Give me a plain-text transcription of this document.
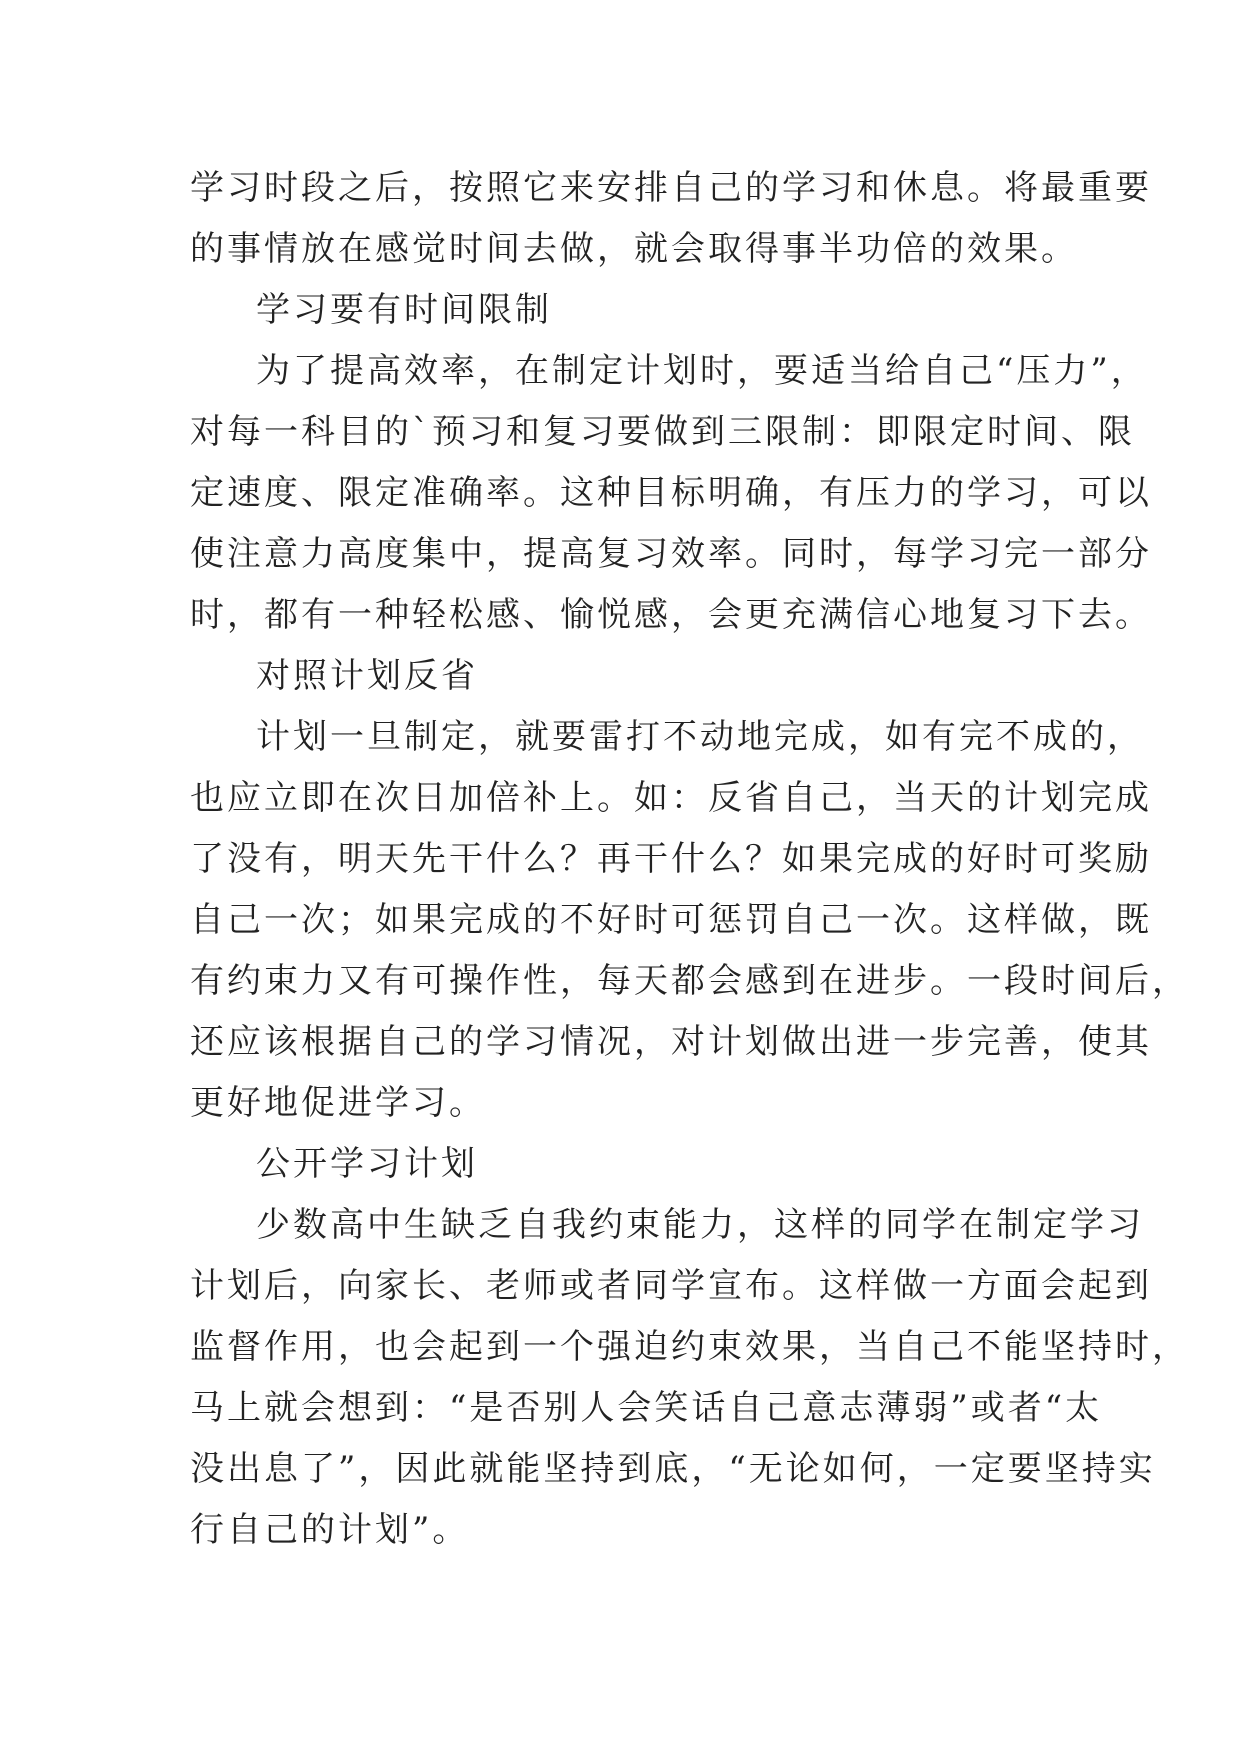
学习时段之后，按照它来安排自己的学习和休息。将最重要
的事情放在感觉时间去做，就会取得事半功倍的效果。
学习要有时间限制
为了提高效率，在制定计划时，要适当给自己“压力”，
对每一科目的`预习和复习要做到三限制：即限定时间、限
定速度、限定准确率。这种目标明确，有压力的学习，可以
使注意力高度集中，提高复习效率。同时，每学习完一部分
时，都有一种轻松感、愉悦感，会更充满信心地复习下去。
对照计划反省
计划一旦制定，就要雷打不动地完成，如有完不成的，
也应立即在次日加倍补上。如：反省自己，当天的计划完成
了没有，明天先干什么？再干什么？如果完成的好时可奖励
自己一次；如果完成的不好时可惩罚自己一次。这样做，既
有约束力又有可操作性，每天都会感到在进步。一段时间后，
还应该根据自己的学习情况，对计划做出进一步完善，使其
更好地促进学习。
公开学习计划
少数高中生缺乏自我约束能力，这样的同学在制定学习
计划后，向家长、老师或者同学宣布。这样做一方面会起到
监督作用，也会起到一个强迫约束效果，当自己不能坚持时，
马上就会想到：“是否别人会笑话自己意志薄弱”或者“太
没出息了”，因此就能坚持到底，“无论如何，一定要坚持实
行自己的计划”。
